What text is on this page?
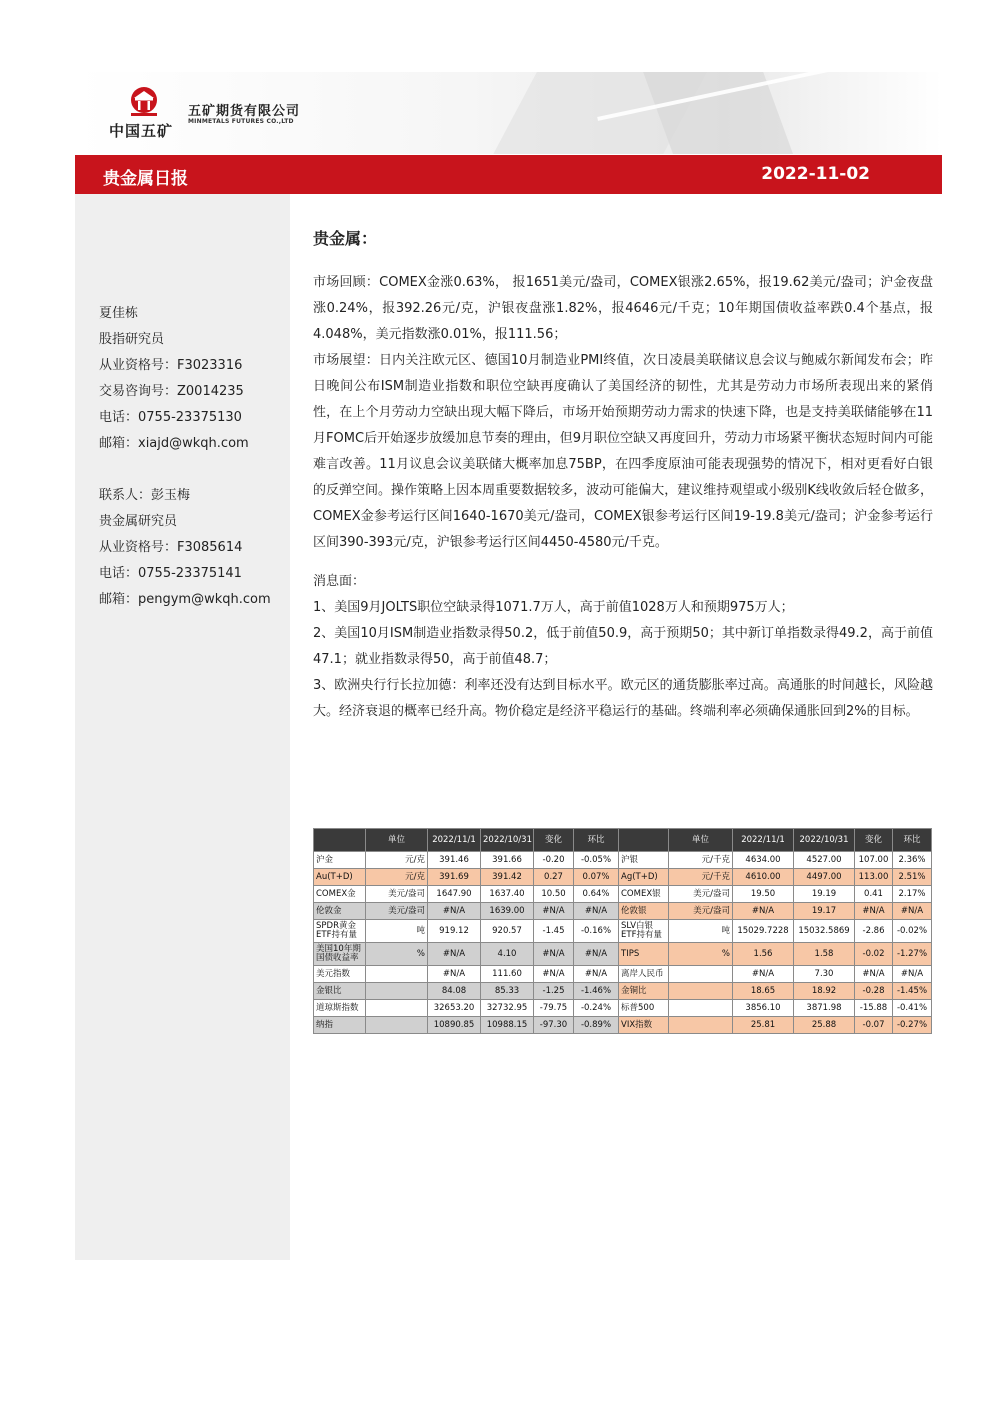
中国五矿
五矿期货有限公司
MINMETALS FUTURES CO.,LTD
贵金属日报	2022-11-02
夏佳栋
股指研究员
从业资格号：F3023316
交易咨询号：Z0014235
电话：0755-23375130
邮箱：xiajd@wkqh.com
联系人：彭玉梅
贵金属研究员
从业资格号：F3085614
电话：0755-23375141
邮箱：pengym@wkqh.com
贵金属：

市场回顾：COMEX金涨0.63%， 报1651美元/盎司，COMEX银涨2.65%，报19.62美元/盎司；沪金夜盘涨0.24%，报392.26元/克，沪银夜盘涨1.82%，报4646元/千克；10年期国债收益率跌0.4个基点，报4.048%，美元指数涨0.01%，报111.56；

市场展望：日内关注欧元区、德国10月制造业PMI终值，次日凌晨美联储议息会议与鲍威尔新闻发布会；昨日晚间公布ISM制造业指数和职位空缺再度确认了美国经济的韧性，尤其是劳动力市场所表现出来的紧俏性，在上个月劳动力空缺出现大幅下降后，市场开始预期劳动力需求的快速下降，也是支持美联储能够在11月FOMC后开始逐步放缓加息节奏的理由，但9月职位空缺又再度回升，劳动力市场紧平衡状态短时间内可能难言改善。11月议息会议美联储大概率加息75BP，在四季度原油可能表现强势的情况下，相对更看好白银的反弹空间。操作策略上因本周重要数据较多，波动可能偏大，建议维持观望或小级别K线收敛后轻仓做多，COMEX金参考运行区间1640-1670美元/盎司，COMEX银参考运行区间19-19.8美元/盎司；沪金参考运行区间390-393元/克，沪银参考运行区间4450-4580元/千克。

消息面：

1、美国9月JOLTS职位空缺录得1071.7万人，高于前值1028万人和预期975万人；

2、美国10月ISM制造业指数录得50.2，低于前值50.9，高于预期50；其中新订单指数录得49.2，高于前值47.1；就业指数录得50，高于前值48.7；

3、欧洲央行行长拉加德：利率还没有达到目标水平。欧元区的通货膨胀率过高。高通胀的时间越长，风险越大。经济衰退的概率已经升高。物价稳定是经济平稳运行的基础。终端利率必须确保通胀回到2%的目标。

	单位	2022/11/1	2022/10/31	变化	环比		单位	2022/11/1	2022/10/31	变化	环比
沪金	元/克	391.46	391.66	-0.20	-0.05%	沪银	元/千克	4634.00	4527.00	107.00	2.36%
Au(T+D)	元/克	391.69	391.42	0.27	0.07%	Ag(T+D)	元/千克	4610.00	4497.00	113.00	2.51%
COMEX金	美元/盎司	1647.90	1637.40	10.50	0.64%	COMEX银	美元/盎司	19.50	19.19	0.41	2.17%
伦敦金	美元/盎司	#N/A	1639.00	#N/A	#N/A	伦敦银	美元/盎司	#N/A	19.17	#N/A	#N/A
SPDR黄金ETF持有量	吨	919.12	920.57	-1.45	-0.16%	SLV白银ETF持有量	吨	15029.7228	15032.5869	-2.86	-0.02%
美国10年期国债收益率	%	#N/A	4.10	#N/A	#N/A	TIPS	%	1.56	1.58	-0.02	-1.27%
美元指数		#N/A	111.60	#N/A	#N/A	离岸人民币		#N/A	7.30	#N/A	#N/A
金银比		84.08	85.33	-1.25	-1.46%	金铜比		18.65	18.92	-0.28	-1.45%
道琼斯指数		32653.20	32732.95	-79.75	-0.24%	标普500		3856.10	3871.98	-15.88	-0.41%
纳指		10890.85	10988.15	-97.30	-0.89%	VIX指数		25.81	25.88	-0.07	-0.27%
